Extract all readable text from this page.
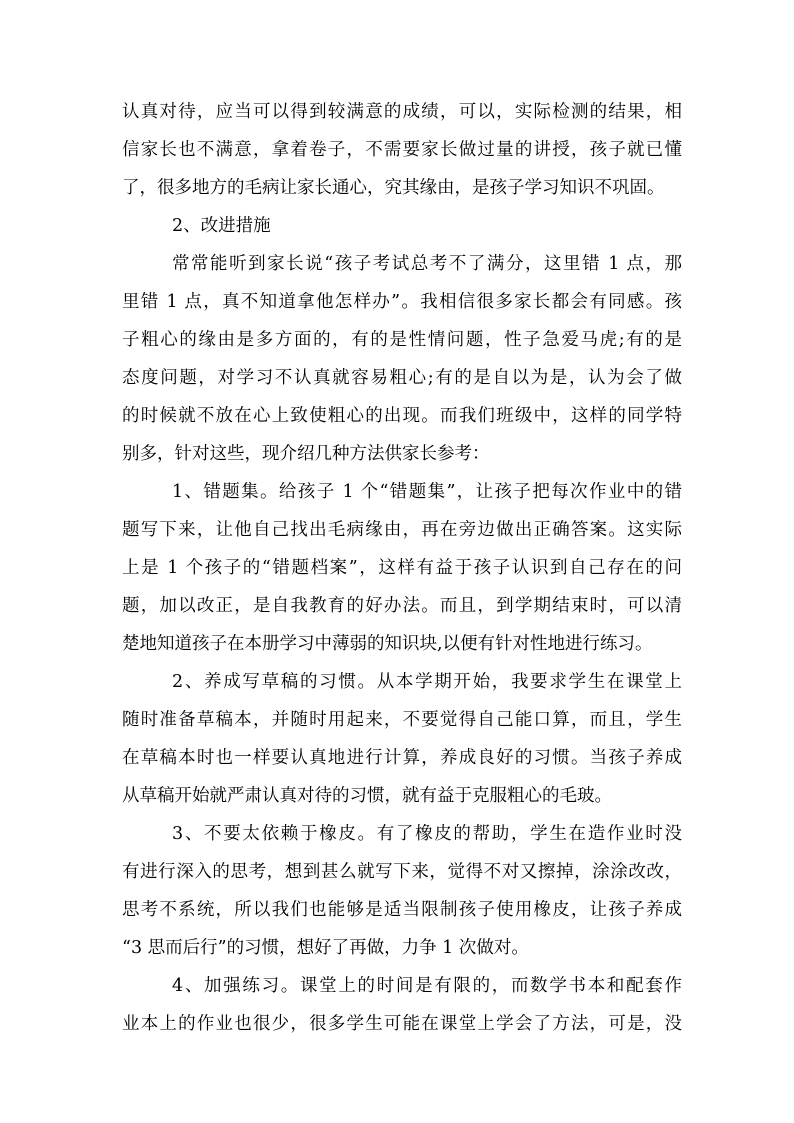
认真对待，应当可以得到较满意的成绩，可以，实际检测的结果，相
信家长也不满意，拿着卷子，不需要家长做过量的讲授，孩子就已懂
了，很多地方的毛病让家长通心，究其缘由，是孩子学习知识不巩固。
2、改进措施
常常能听到家长说“孩子考试总考不了满分，这里错 1 点，那
里错 1 点，真不知道拿他怎样办”。我相信很多家长都会有同感。孩
子粗心的缘由是多方面的，有的是性情问题，性子急爱马虎;有的是
态度问题，对学习不认真就容易粗心;有的是自以为是，认为会了做
的时候就不放在心上致使粗心的出现。而我们班级中，这样的同学特
别多，针对这些，现介绍几种方法供家长参考：
1、错题集。给孩子 1 个“错题集”，让孩子把每次作业中的错
题写下来，让他自己找出毛病缘由，再在旁边做出正确答案。这实际
上是 1 个孩子的“错题档案”，这样有益于孩子认识到自己存在的问
题，加以改正，是自我教育的好办法。而且，到学期结束时，可以清
楚地知道孩子在本册学习中薄弱的知识块,以便有针对性地进行练习。
2、养成写草稿的习惯。从本学期开始，我要求学生在课堂上
随时准备草稿本，并随时用起来，不要觉得自己能口算，而且，学生
在草稿本时也一样要认真地进行计算，养成良好的习惯。当孩子养成
从草稿开始就严肃认真对待的习惯，就有益于克服粗心的毛玻。
3、不要太依赖于橡皮。有了橡皮的帮助，学生在造作业时没
有进行深入的思考，想到甚么就写下来，觉得不对又擦掉，涂涂改改，
思考不系统，所以我们也能够是适当限制孩子使用橡皮，让孩子养成
“3 思而后行”的习惯，想好了再做，力争 1 次做对。
4、加强练习。课堂上的时间是有限的，而数学书本和配套作
业本上的作业也很少，很多学生可能在课堂上学会了方法，可是，没
